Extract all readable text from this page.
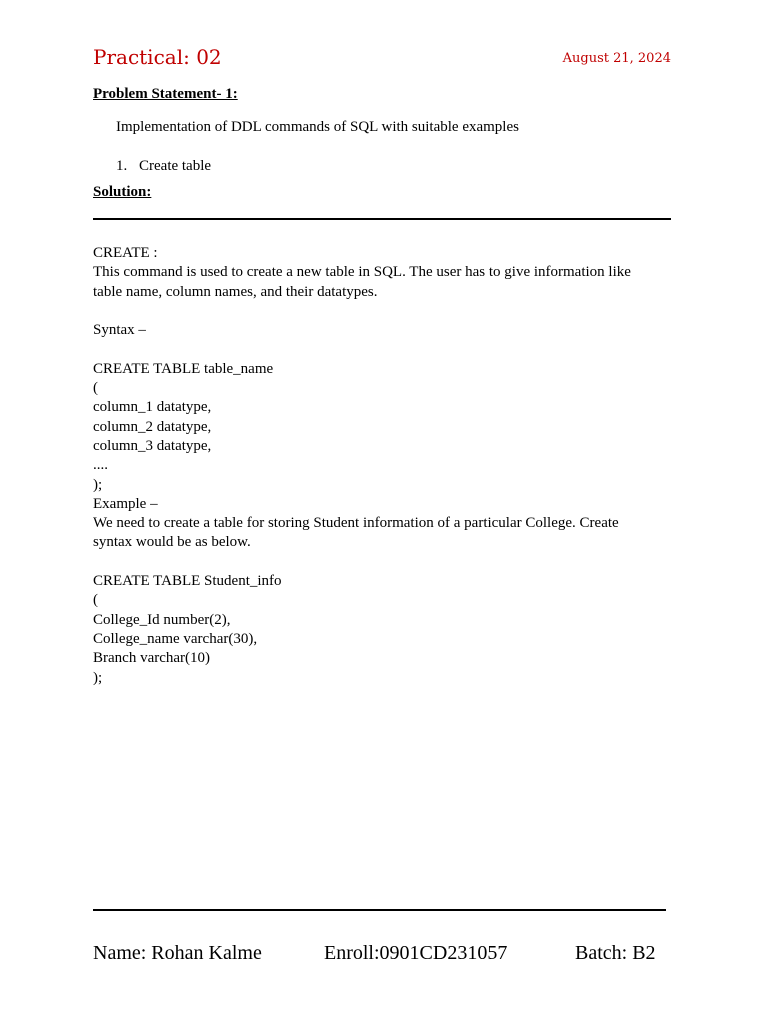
Practical: 02	August 21, 2024
Problem Statement- 1:
Implementation of DDL commands of SQL with suitable examples
1. Create table
Solution:
CREATE :
This command is used to create a new table in SQL. The user has to give information like
table name, column names, and their datatypes.
Syntax –
CREATE TABLE table_name
(
column_1 datatype,
column_2 datatype,
column_3 datatype,
....
);
Example –
We need to create a table for storing Student information of a particular College. Create
syntax would be as below.
CREATE TABLE Student_info
(
College_Id number(2),
College_name varchar(30),
Branch varchar(10)
);
Name: Rohan Kalme	Enroll:0901CD231057	Batch: B2
